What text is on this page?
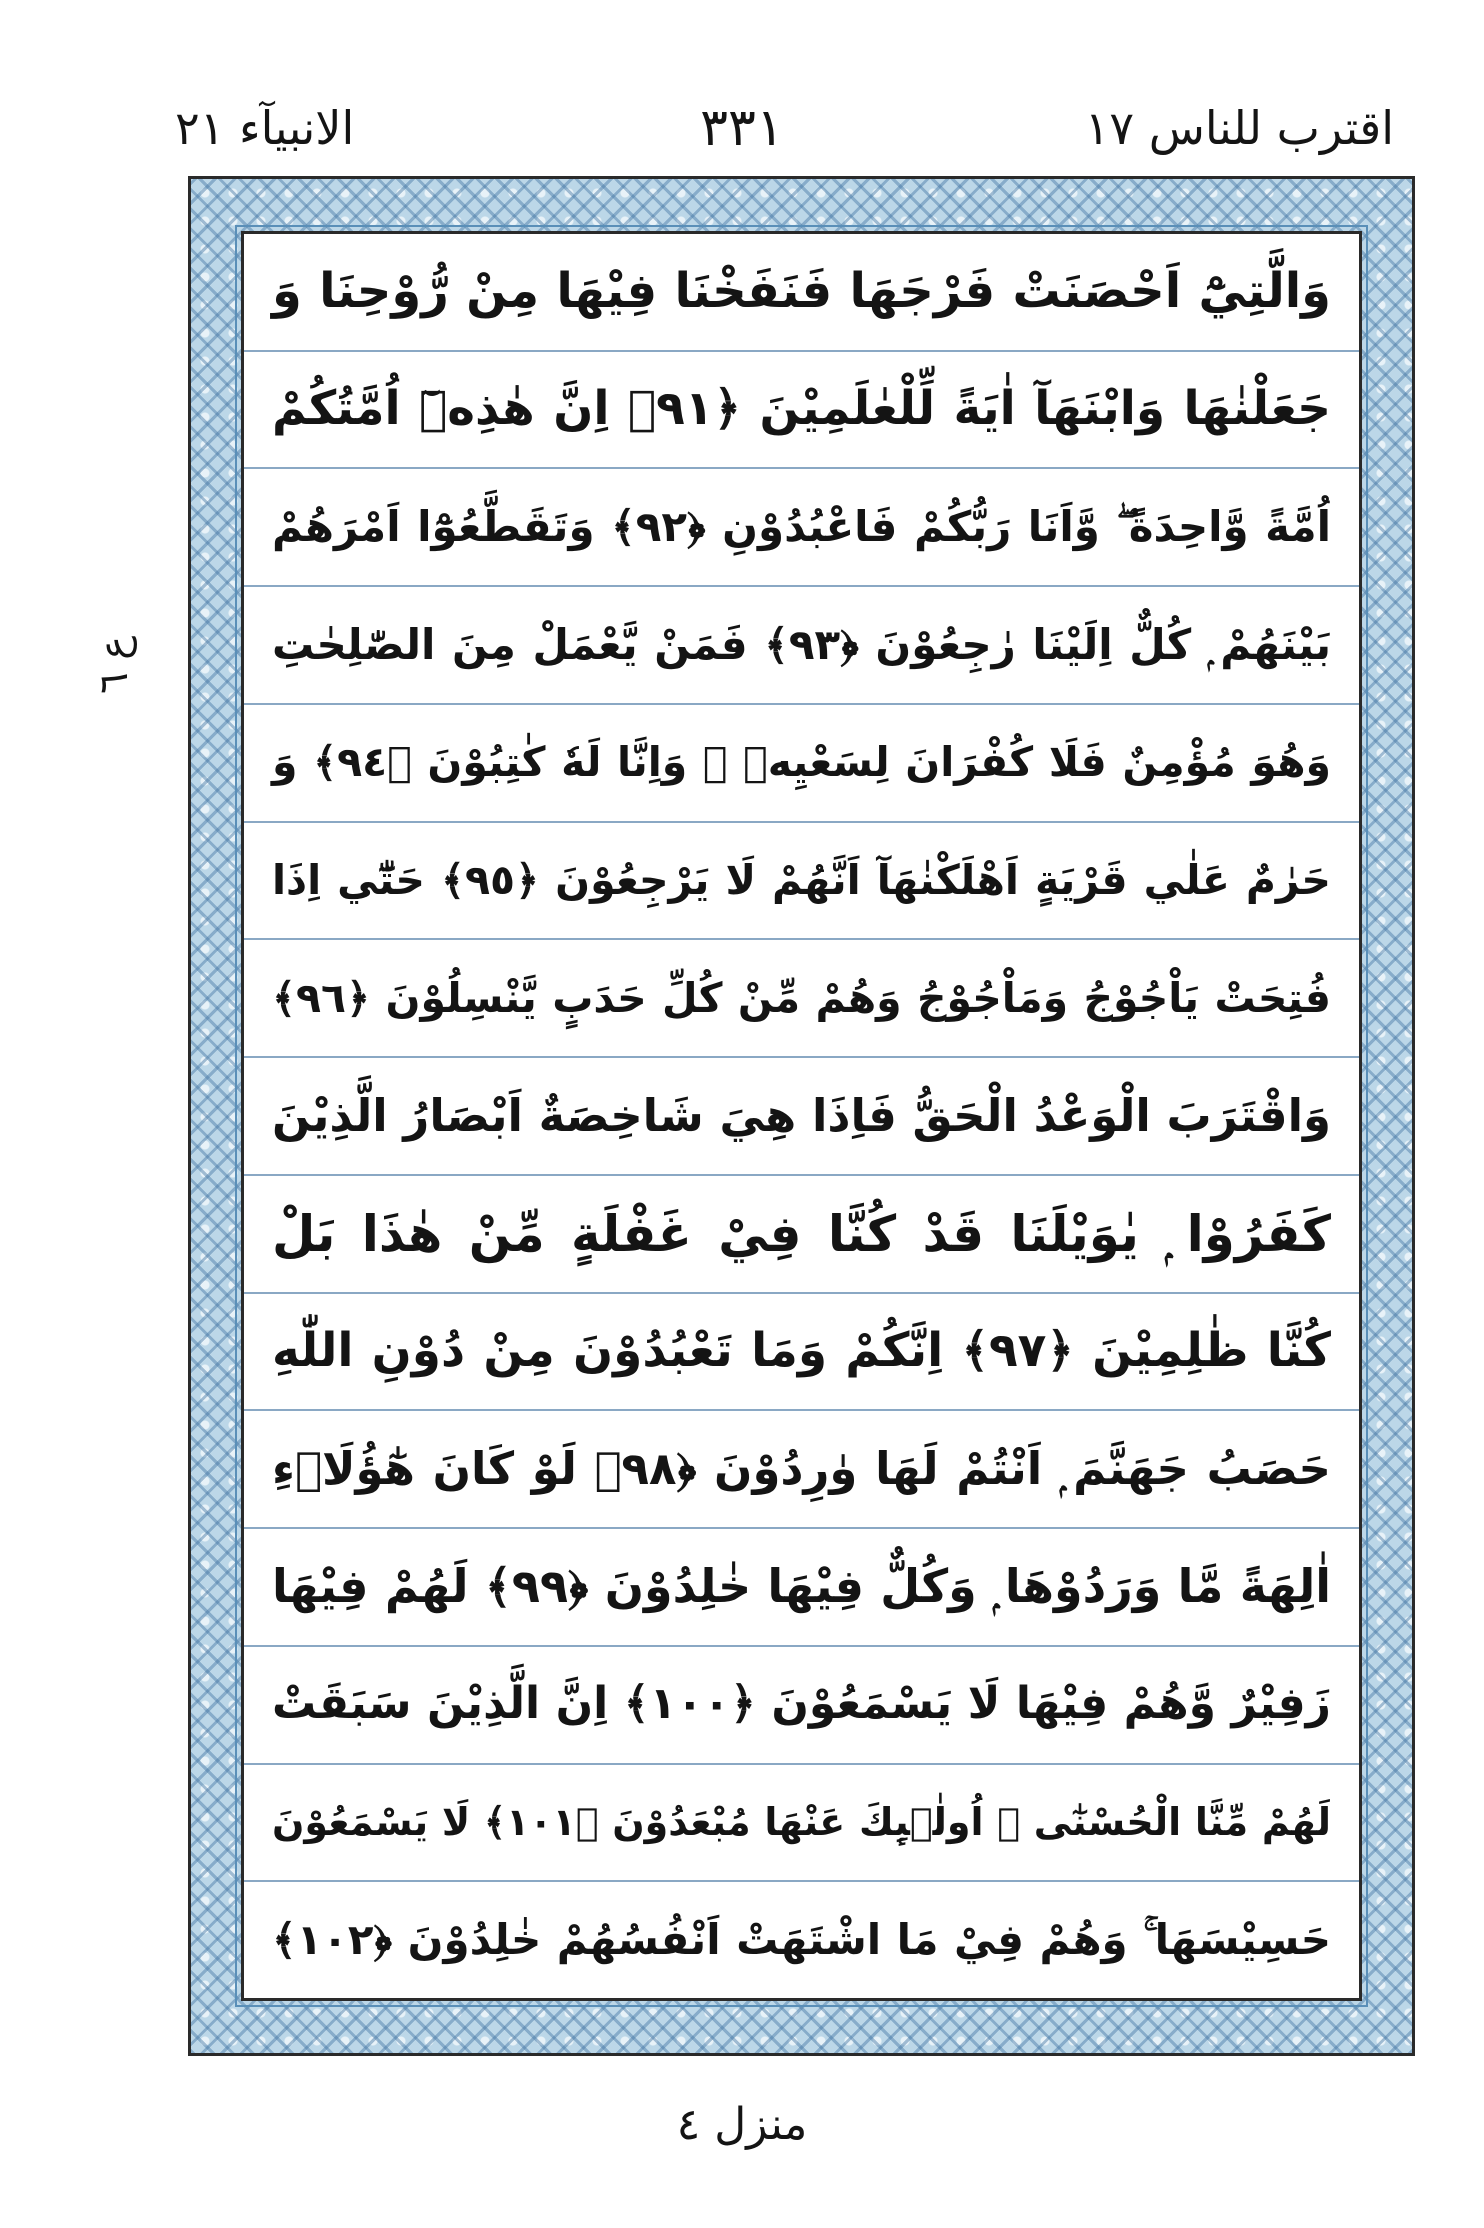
اقترب للناس ١٧
٣٣١
الانبيآء ٢١
ع ٦
وَالَّتِيْٓ اَحْصَنَتْ فَرْجَهَا فَنَفَخْنَا فِيْهَا مِنْ رُّوْحِنَا وَ
جَعَلْنٰهَا وَابْنَهَآ اٰيَةً لِّلْعٰلَمِيْنَ ﴿٩١﴾ اِنَّ هٰذِهٖٓ اُمَّتُكُمْ
اُمَّةً وَّاحِدَةً ۖ وَّاَنَا رَبُّكُمْ فَاعْبُدُوْنِ ﴿٩٢﴾ وَتَقَطَّعُوْٓا اَمْرَهُمْ
بَيْنَهُمْ ۭ كُلٌّ اِلَيْنَا رٰجِعُوْنَ ﴿٩٣﴾ فَمَنْ يَّعْمَلْ مِنَ الصّٰلِحٰتِ
وَهُوَ مُؤْمِنٌ فَلَا كُفْرَانَ لِسَعْيِهٖ ۚ وَاِنَّا لَهٗ كٰتِبُوْنَ ﴿٩٤﴾ وَ
حَرٰمٌ عَلٰي قَرْيَةٍ اَهْلَكْنٰهَآ اَنَّهُمْ لَا يَرْجِعُوْنَ ﴿٩٥﴾ حَتّٰٓي اِذَا
فُتِحَتْ يَاْجُوْجُ وَمَاْجُوْجُ وَهُمْ مِّنْ كُلِّ حَدَبٍ يَّنْسِلُوْنَ ﴿٩٦﴾
وَاقْتَرَبَ الْوَعْدُ الْحَقُّ فَاِذَا هِيَ شَاخِصَةٌ اَبْصَارُ الَّذِيْنَ
كَفَرُوْا ۭ يٰوَيْلَنَا قَدْ كُنَّا فِيْ غَفْلَةٍ مِّنْ هٰذَا بَلْ
كُنَّا ظٰلِمِيْنَ ﴿٩٧﴾ اِنَّكُمْ وَمَا تَعْبُدُوْنَ مِنْ دُوْنِ اللّٰهِ
حَصَبُ جَهَنَّمَ ۭ اَنْتُمْ لَهَا وٰرِدُوْنَ ﴿٩٨﴾ لَوْ كَانَ هٰٓؤُلَاۗءِ
اٰلِهَةً مَّا وَرَدُوْهَا ۭ وَكُلٌّ فِيْهَا خٰلِدُوْنَ ﴿٩٩﴾ لَهُمْ فِيْهَا
زَفِيْرٌ وَّهُمْ فِيْهَا لَا يَسْمَعُوْنَ ﴿١٠٠﴾ اِنَّ الَّذِيْنَ سَبَقَتْ
لَهُمْ مِّنَّا الْحُسْنٰٓى ۙ اُولٰۗىِٕكَ عَنْهَا مُبْعَدُوْنَ ﴿١٠١﴾ لَا يَسْمَعُوْنَ
حَسِيْسَهَا ۚ وَهُمْ فِيْ مَا اشْتَهَتْ اَنْفُسُهُمْ خٰلِدُوْنَ ﴿١٠٢﴾
منزل ٤
